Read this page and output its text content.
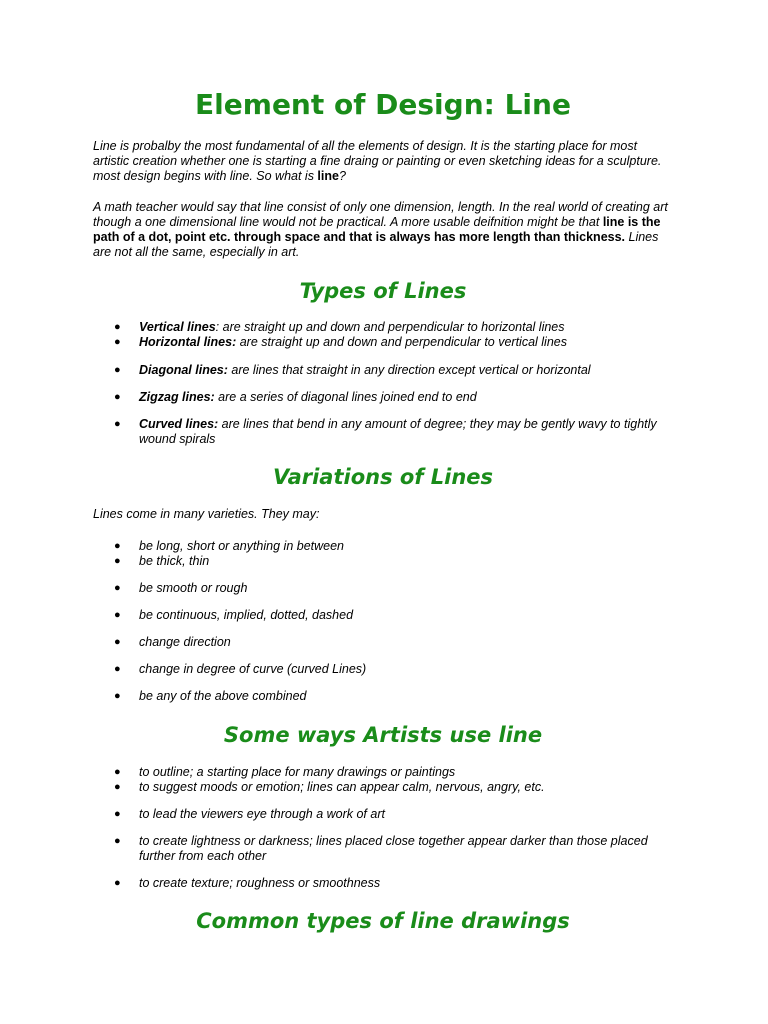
Element of Design: Line

Line is probalby the most fundamental of all the elements of design. It is the starting place for most artistic creation whether one is starting a fine draing or painting or even sketching ideas for a sculpture. most design begins with line. So what is line?

A math teacher would say that line consist of only one dimension, length. In the real world of creating art though a one dimensional line would not be practical. A more usable deifnition might be that line is the path of a dot, point etc. through space and that is always has more length than thickness. Lines are not all the same, especially in art.

Types of Lines

● Vertical lines: are straight up and down and perpendicular to horizontal lines

● Horizontal lines: are straight up and down and perpendicular to vertical lines

● Diagonal lines: are lines that straight in any direction except vertical or horizontal

● Zigzag lines: are a series of diagonal lines joined end to end

● Curved lines: are lines that bend in any amount of degree; they may be gently wavy to tightly wound spirals

Variations of Lines

Lines come in many varieties. They may:

● be long, short or anything in between

● be thick, thin

● be smooth or rough

● be continuous, implied, dotted, dashed

● change direction

● change in degree of curve (curved Lines)

● be any of the above combined

Some ways Artists use line

● to outline; a starting place for many drawings or paintings

● to suggest moods or emotion; lines can appear calm, nervous, angry, etc.

● to lead the viewers eye through a work of art

● to create lightness or darkness; lines placed close together appear darker than those placed further from each other

● to create texture; roughness or smoothness

Common types of line drawings
